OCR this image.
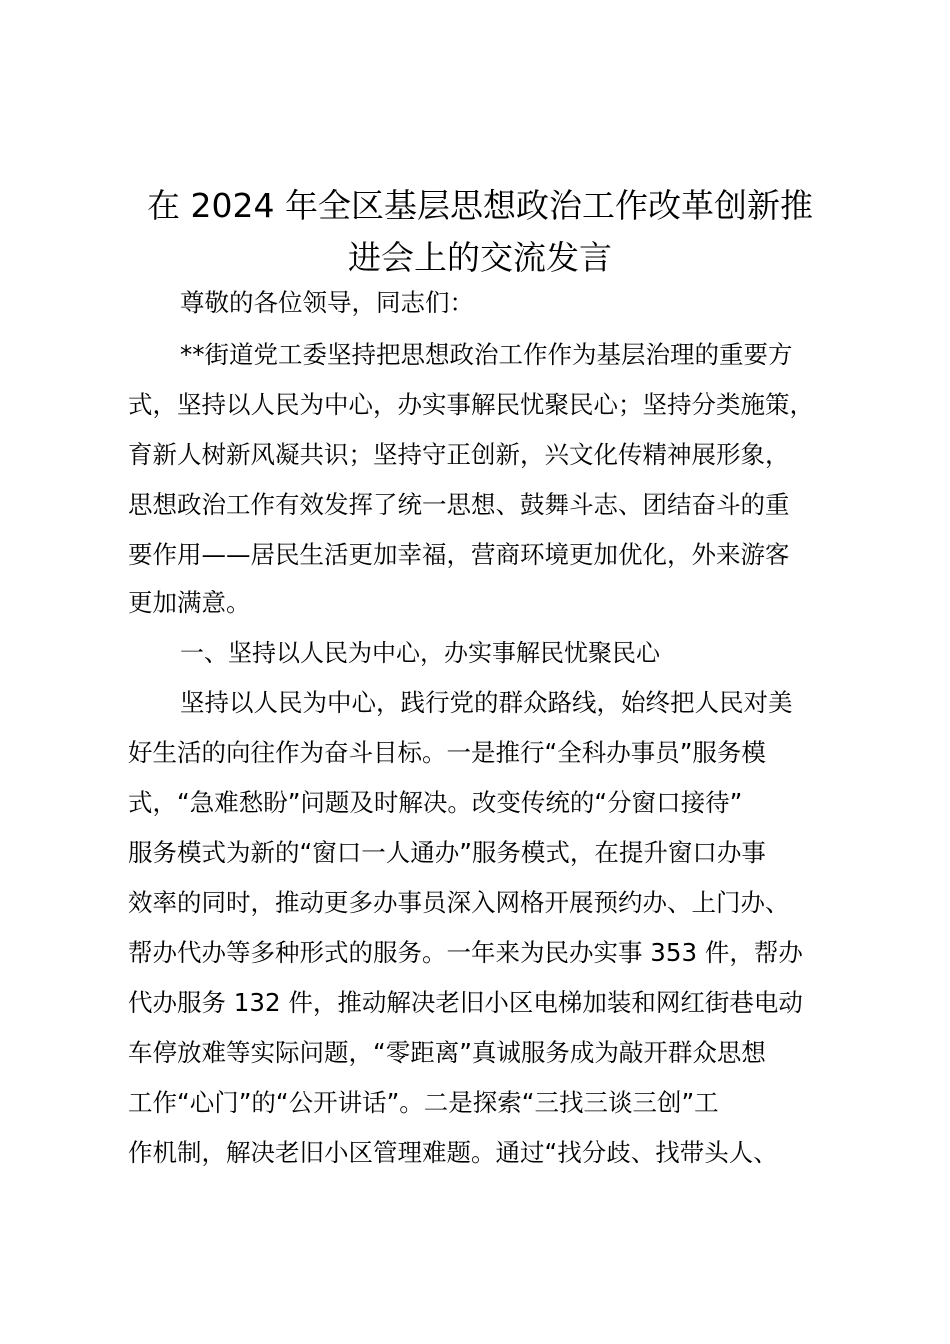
在 2024 年全区基层思想政治工作改革创新推
进会上的交流发言

尊敬的各位领导，同志们：

**街道党工委坚持把思想政治工作作为基层治理的重要方

式，坚持以人民为中心，办实事解民忧聚民心；坚持分类施策，

育新人树新风凝共识；坚持守正创新，兴文化传精神展形象，

思想政治工作有效发挥了统一思想、鼓舞斗志、团结奋斗的重

要作用——居民生活更加幸福，营商环境更加优化，外来游客

更加满意。

一、坚持以人民为中心，办实事解民忧聚民心

坚持以人民为中心，践行党的群众路线，始终把人民对美

好生活的向往作为奋斗目标。一是推行“全科办事员”服务模

式，“急难愁盼”问题及时解决。改变传统的“分窗口接待”

服务模式为新的“窗口一人通办”服务模式，在提升窗口办事

效率的同时，推动更多办事员深入网格开展预约办、上门办、

帮办代办等多种形式的服务。一年来为民办实事 353 件，帮办

代办服务 132 件，推动解决老旧小区电梯加装和网红街巷电动

车停放难等实际问题，“零距离”真诚服务成为敲开群众思想

工作“心门”的“公开讲话”。二是探索“三找三谈三创”工

作机制，解决老旧小区管理难题。通过“找分歧、找带头人、
